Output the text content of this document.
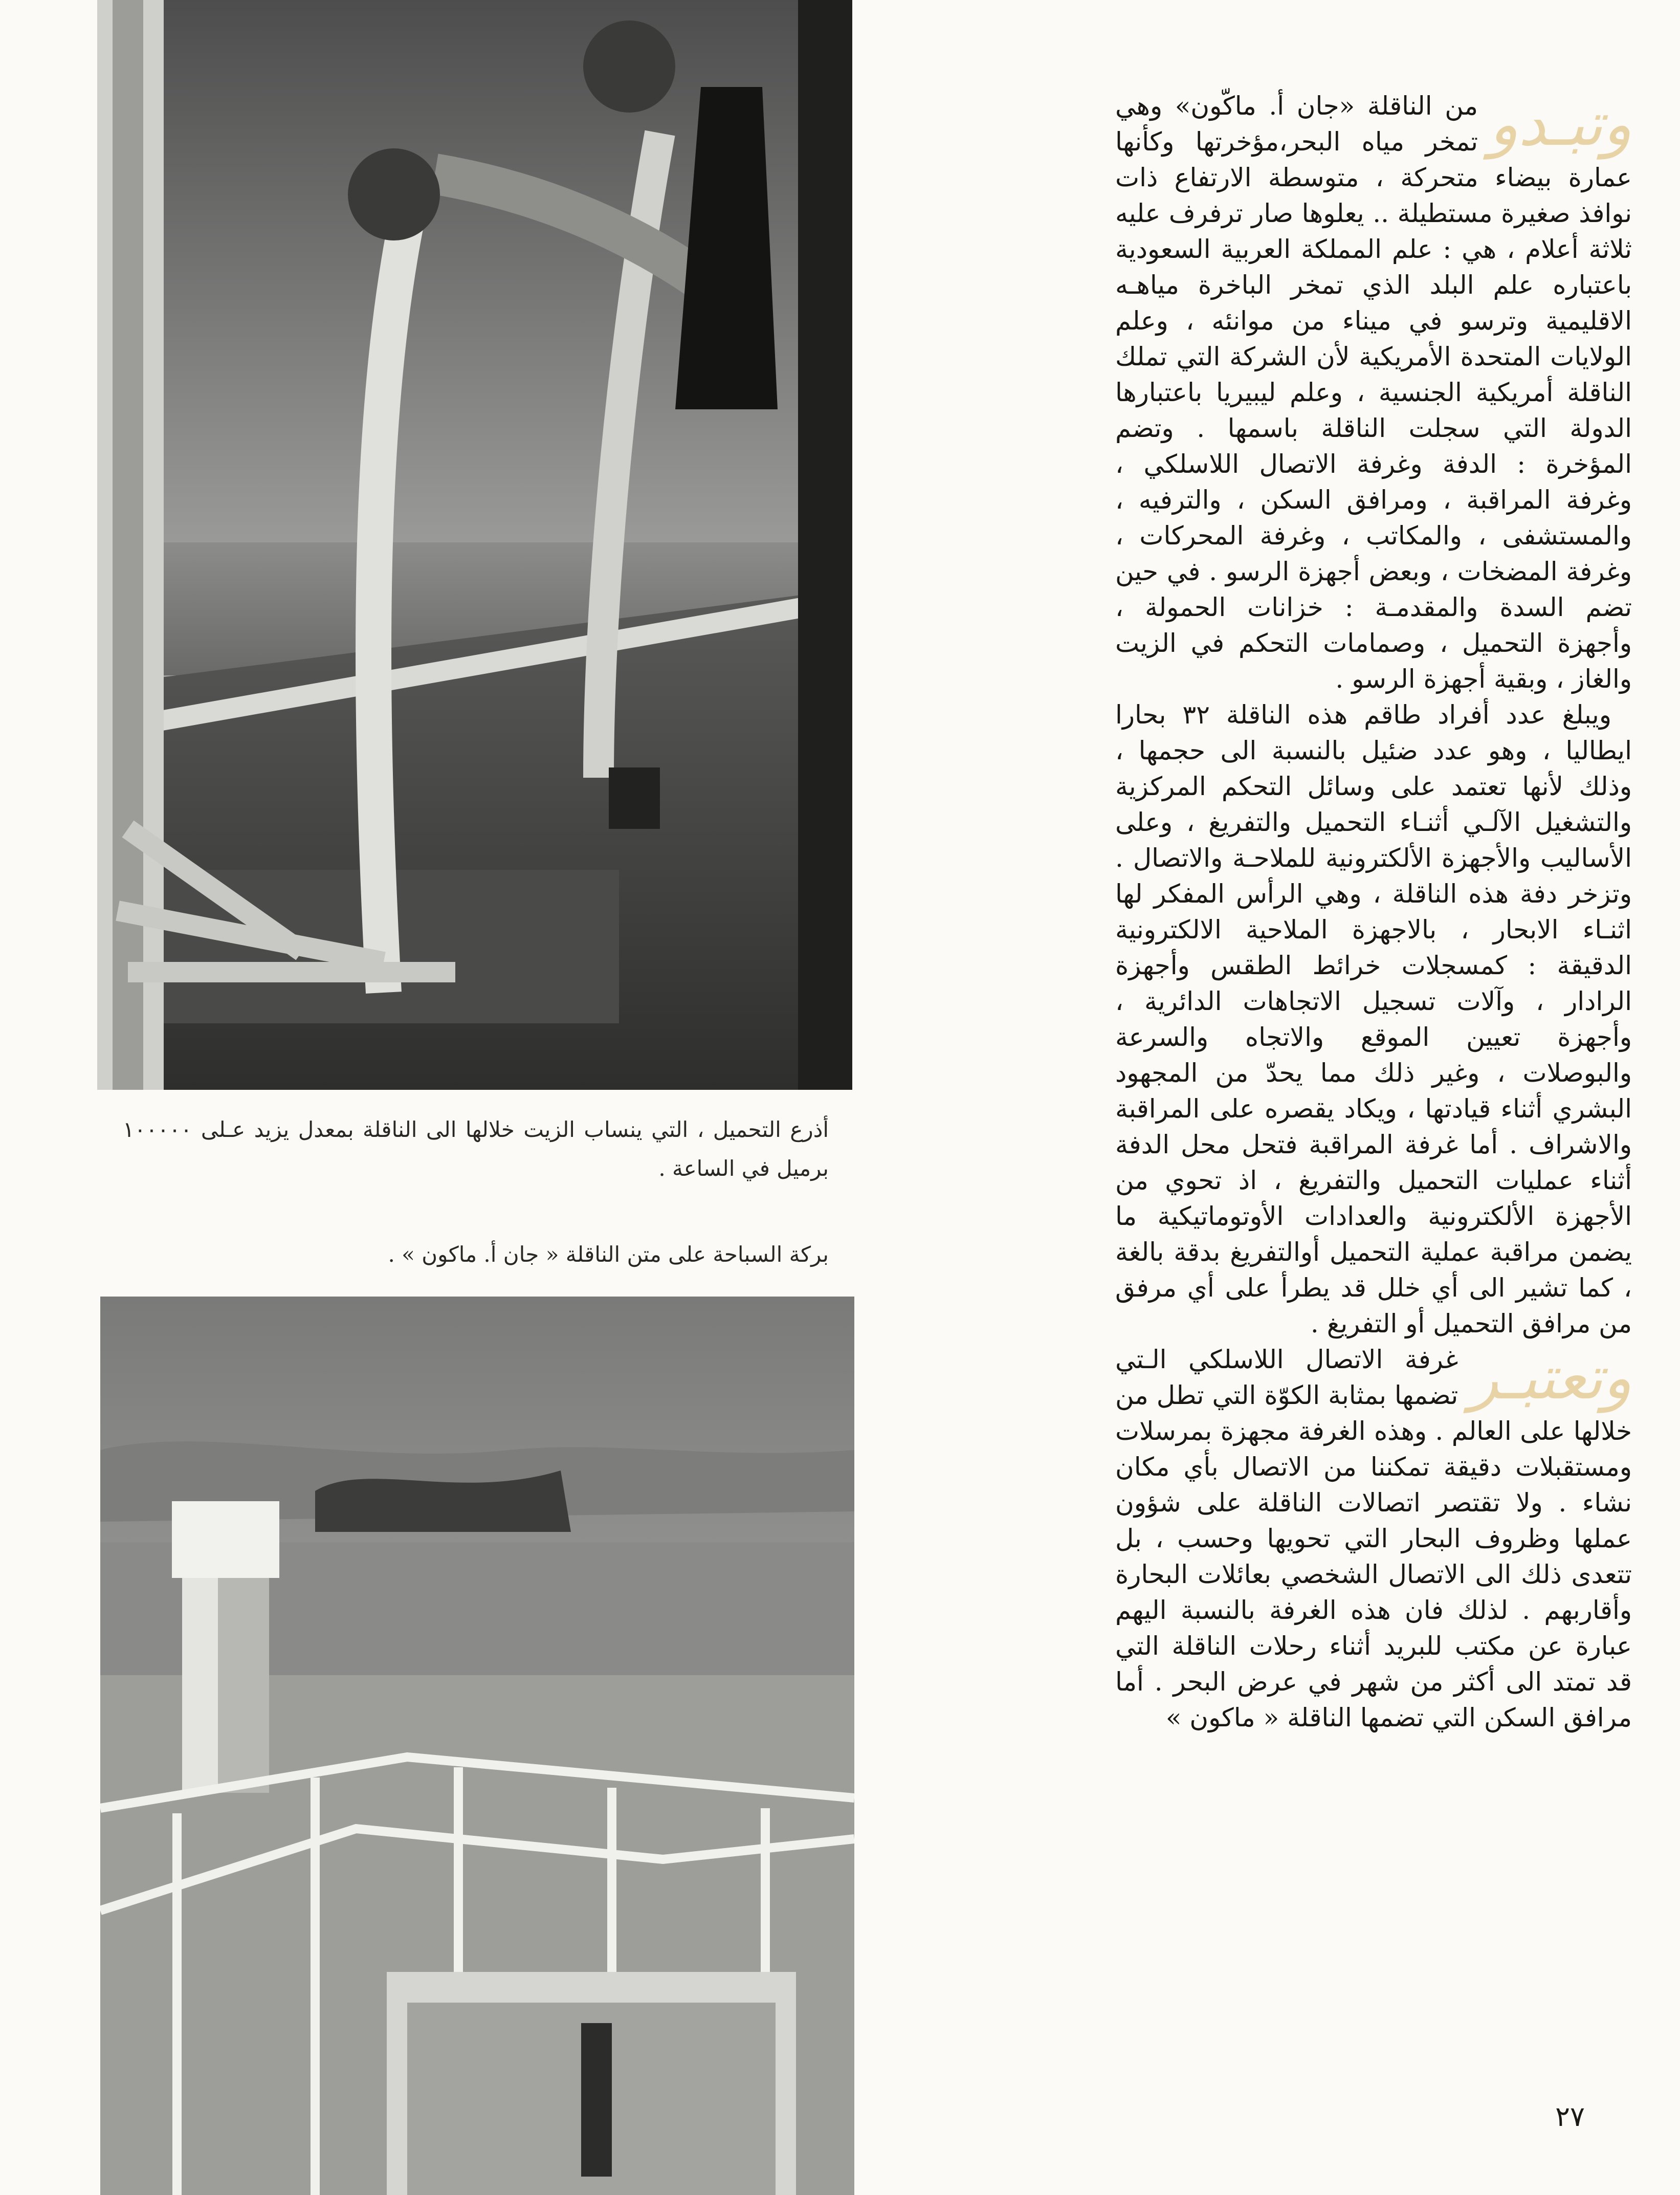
أذرع التحميل ، التي ينساب الزيت خلالها الى الناقلة بمعدل يزيد عـلى ١٠٠٠٠٠ برميل في الساعة .
بركة السباحة على متن الناقلة « جان أ. ماكون » .

وتبـدو
من الناقلة «جان أ. ماكّون» وهي تمخر مياه البحر،مؤخرتها وكأنها عمارة بيضاء متحركة ، متوسطة الارتفاع ذات نوافذ صغيرة مستطيلة .. يعلوها صار ترفرف عليه ثلاثة أعلام ، هي : علم المملكة العربية السعودية باعتباره علم البلد الذي تمخر الباخرة مياهـه الاقليمية وترسو في ميناء من موانئه ، وعلم الولايات المتحدة الأمريكية لأن الشركة التي تملك الناقلة أمريكية الجنسية ، وعلم ليبيريا باعتبارها الدولة التي سجلت الناقلة باسمها . وتضم المؤخرة : الدفة وغرفة الاتصال اللاسلكي ، وغرفة المراقبة ، ومرافق السكن ، والترفيه ، والمستشفى ، والمكاتب ، وغرفة المحركات ، وغرفة المضخات ، وبعض أجهزة الرسو . في حين تضم السدة والمقدمـة : خزانات الحمولة ، وأجهزة التحميل ، وصمامات التحكم في الزيت والغاز ، وبقية أجهزة الرسو .

ويبلغ عدد أفراد طاقم هذه الناقلة ٣٢ بحارا ايطاليا ، وهو عدد ضئيل بالنسبة الى حجمها ، وذلك لأنها تعتمد على وسائل التحكم المركزية والتشغيل الآلـي أثنـاء التحميل والتفريغ ، وعلى الأساليب والأجهزة الألكترونية للملاحـة والاتصال . وتزخر دفة هذه الناقلة ، وهي الرأس المفكر لها اثنـاء الابحار ، بالاجهزة الملاحية الالكترونية الدقيقة : كمسجلات خرائط الطقس وأجهزة الرادار ، وآلات تسجيل الاتجاهات الدائرية ، وأجهزة تعيين الموقع والاتجاه والسرعة والبوصلات ، وغير ذلك مما يحدّ من المجهود البشري أثناء قيادتها ، ويكاد يقصره على المراقبة والاشراف . أما غرفة المراقبة فتحل محل الدفة أثناء عمليات التحميل والتفريغ ، اذ تحوي من الأجهزة الألكترونية والعدادات الأوتوماتيكية ما يضمن مراقبة عملية التحميل أوالتفريغ بدقة بالغة ، كما تشير الى أي خلل قد يطرأ على أي مرفق من مرافق التحميل أو التفريغ .

وتعتبـر
غرفة الاتصال اللاسلكي الـتي تضمها بمثابة الكوّة التي تطل من خلالها على العالم . وهذه الغرفة مجهزة بمرسلات ومستقبلات دقيقة تمكننا من الاتصال بأي مكان نشاء . ولا تقتصر اتصالات الناقلة على شؤون عملها وظروف البحار التي تحويها وحسب ، بل تتعدى ذلك الى الاتصال الشخصي بعائلات البحارة وأقاربهم . لذلك فان هذه الغرفة بالنسبة اليهم عبارة عن مكتب للبريد أثناء رحلات الناقلة التي قد تمتد الى أكثر من شهر في عرض البحر . أما مرافق السكن التي تضمها الناقلة « ماكون »

٢٧
